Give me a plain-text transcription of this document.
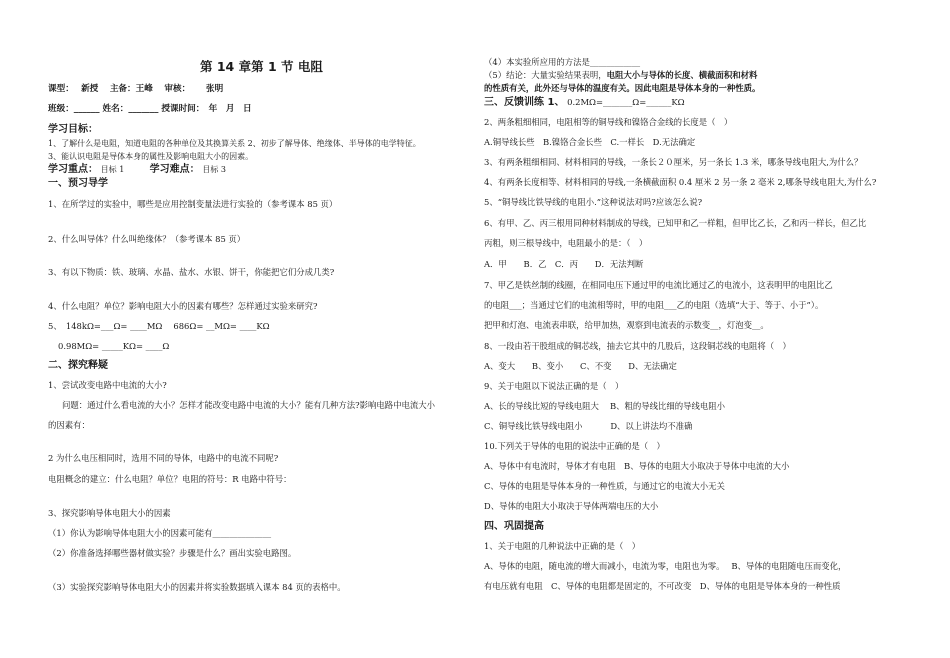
第 14 章第 1 节 电阻
课型：　 新授　 主备：王峰　 审核：　　 张明
班级：______ 姓名：_______ 授课时间：　年　月　日
学习目标：
1、了解什么是电阻，知道电阻的各种单位及其换算关系 2、初步了解导体、绝缘体、半导体的电学特征。
3、能认识电阻是导体本身的属性及影响电阻大小的因素。
学习重点： 目标 1	学习难点： 目标 3
一、预习导学
1、在所学过的实验中，哪些是应用控制变量法进行实验的（参考课本 85 页）
2、什么叫导体？什么叫绝缘体？（参考课本 85 页）
3、有以下物质：铁、玻璃、水晶、盐水、水银、饼干，你能把它们分成几类?
4、什么电阻？单位？影响电阻大小的因素有哪些？怎样通过实验来研究?
5、　148kΩ=___Ω= ____MΩ　 686Ω= __MΩ= ____KΩ
0.98MΩ= _____KΩ= ____Ω
二、探究释疑
1、尝试改变电路中电流的大小?
问题：通过什么看电流的大小？怎样才能改变电路中电流的大小？能有几种方法?影响电路中电流大小
的因素有：
2 为什么电压相同时，选用不同的导体，电路中的电流不同呢?
电阻概念的建立：什么电阻？单位？电阻的符号：R 电路中符号：
3、探究影响导体电阻大小的因素
（1）你认为影响导体电阻大小的因素可能有______________
（2）你准备选择哪些器材做实验？步骤是什么？画出实验电路图。
（3）实验探究影响导体电阻大小的因素并将实验数据填入课本 84 页的表格中。
（4）本实验所应用的方法是____________
（5）结论：大量实验结果表明，电阻大小与导体的长度、横截面积和材料
的性质有关，此外还与导体的温度有关。因此电阻是导体本身的一种性质。
三、反馈训练 1、 0.2MΩ=_______Ω=______KΩ
2、两条粗细相同，电阻相等的铜导线和镍铬合金线的长度是（　）
A.铜导线长些　B.镍铬合金长些　C.一样长　D.无法确定
3、有两条粗细相同、材料相同的导线，一条长２０厘米，另一条长 1.3 米，哪条导线电阻大,为什么？
4、有两条长度相等、材料相同的导线,一条横截面积 0.4 厘米 2 另一条 2 毫米 2,哪条导线电阻大,为什么?
5、“铜导线比铁导线的电阻小.”这种说法对吗?应该怎么说?
6、有甲、乙、丙三根用同种材料制成的导线，已知甲和乙一样粗，但甲比乙长，乙和丙一样长，但乙比
丙粗，则三根导线中，电阻最小的是：（　）
A．甲　　B．乙　C．丙　　D．无法判断
7、甲乙是铁丝制的线圈，在相同电压下通过甲的电流比通过乙的电流小，这表明甲的电阻比乙
的电阻___；当通过它们的电流相等时，甲的电阻___乙的电阻（选填“大于、等于、小于”）。
把甲和灯泡、电流表串联，给甲加热，观察到电流表的示数变__，灯泡变__。
8、一段由若干股组成的铜芯线，抽去它其中的几股后，这段铜芯线的电阻将（　）
A、变大　　B、变小　　C、不变　　D、无法确定
9、关于电阻以下说法正确的是（　）
A、长的导线比短的导线电阻大　 B、粗的导线比细的导线电阻小
C、铜导线比铁导线电阻小　　　 D、以上讲法均不准确
10.下列关于导体的电阻的说法中正确的是（　）
A、导体中有电流时，导体才有电阻　B、导体的电阻大小取决于导体中电流的大小
C、导体的电阻是导体本身的一种性质，与通过它的电流大小无关
D、导体的电阻大小取决于导体两端电压的大小
四、巩固提高
1、关于电阻的几种说法中正确的是（　）
A、导体的电阻，随电流的增大而减小，电流为零，电阻也为零。　 B、导体的电阻随电压而变化，
有电压就有电阻　C、导体的电阻都是固定的，不可改变　D、导体的电阻是导体本身的一种性质
